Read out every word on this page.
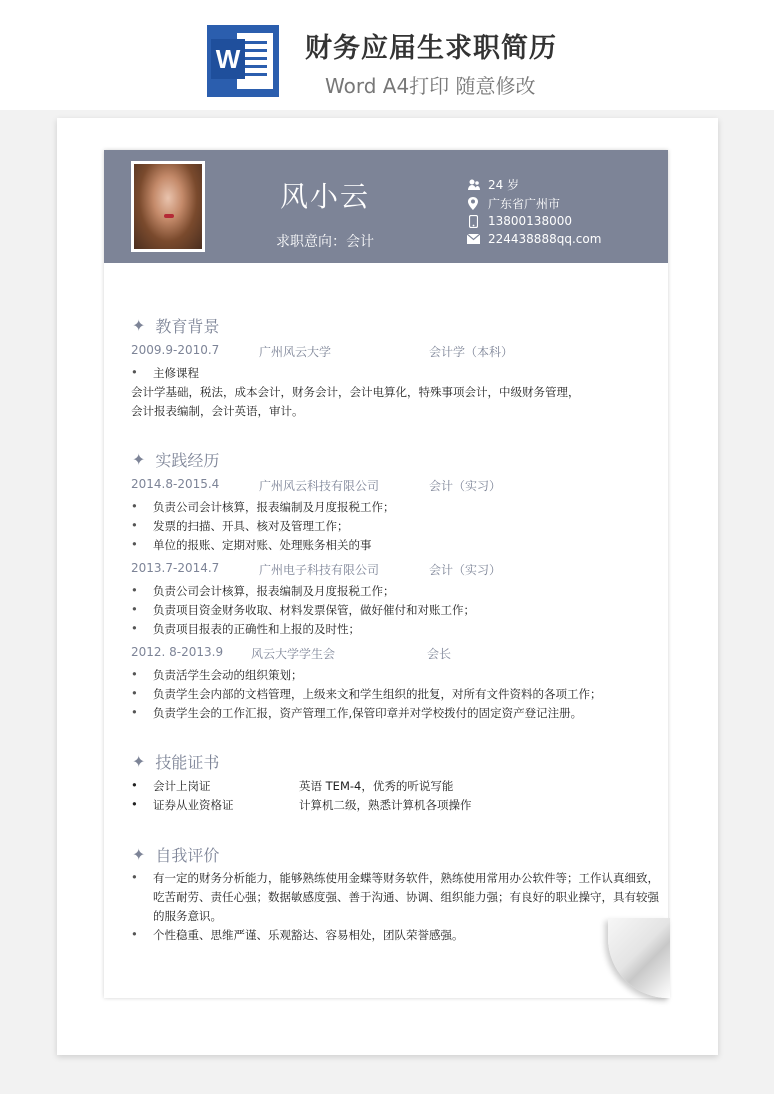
W 财务应届生求职简历
Word A4打印 随意修改
风小云
求职意向：会计
24 岁
广东省广州市
13800138000
224438888qq.com
✦ 教育背景
2009.9-2010.7	广州风云大学	会计学（本科）
•	主修课程
会计学基础，税法，成本会计，财务会计，会计电算化，特殊事项会计，中级财务管理，
会计报表编制，会计英语，审计。
✦ 实践经历
2014.8-2015.4	广州风云科技有限公司	会计（实习）
•	负责公司会计核算，报表编制及月度报税工作；
•	发票的扫描、开具、核对及管理工作；
•	单位的报账、定期对账、处理账务相关的事
2013.7-2014.7	广州电子科技有限公司	会计（实习）
•	负责公司会计核算，报表编制及月度报税工作；
•	负责项目资金财务收取、材料发票保管，做好催付和对账工作；
•	负责项目报表的正确性和上报的及时性；
2012. 8-2013.9 风云大学学生会	会长
•	负责活学生会动的组织策划；
•	负责学生会内部的文档管理，上级来文和学生组织的批复，对所有文件资料的各项工作；
•	负责学生会的工作汇报，资产管理工作,保管印章并对学校拨付的固定资产登记注册。
✦ 技能证书
• 会计上岗证	英语 TEM-4，优秀的听说写能
• 证券从业资格证	计算机二级，熟悉计算机各项操作
✦ 自我评价
•	有一定的财务分析能力，能够熟练使用金蝶等财务软件，熟练使用常用办公软件等；工作认真细致，
吃苦耐劳、责任心强；数据敏感度强、善于沟通、协调、组织能力强；有良好的职业操守，具有较强
的服务意识。
•	个性稳重、思维严谨、乐观豁达、容易相处，团队荣誉感强。
